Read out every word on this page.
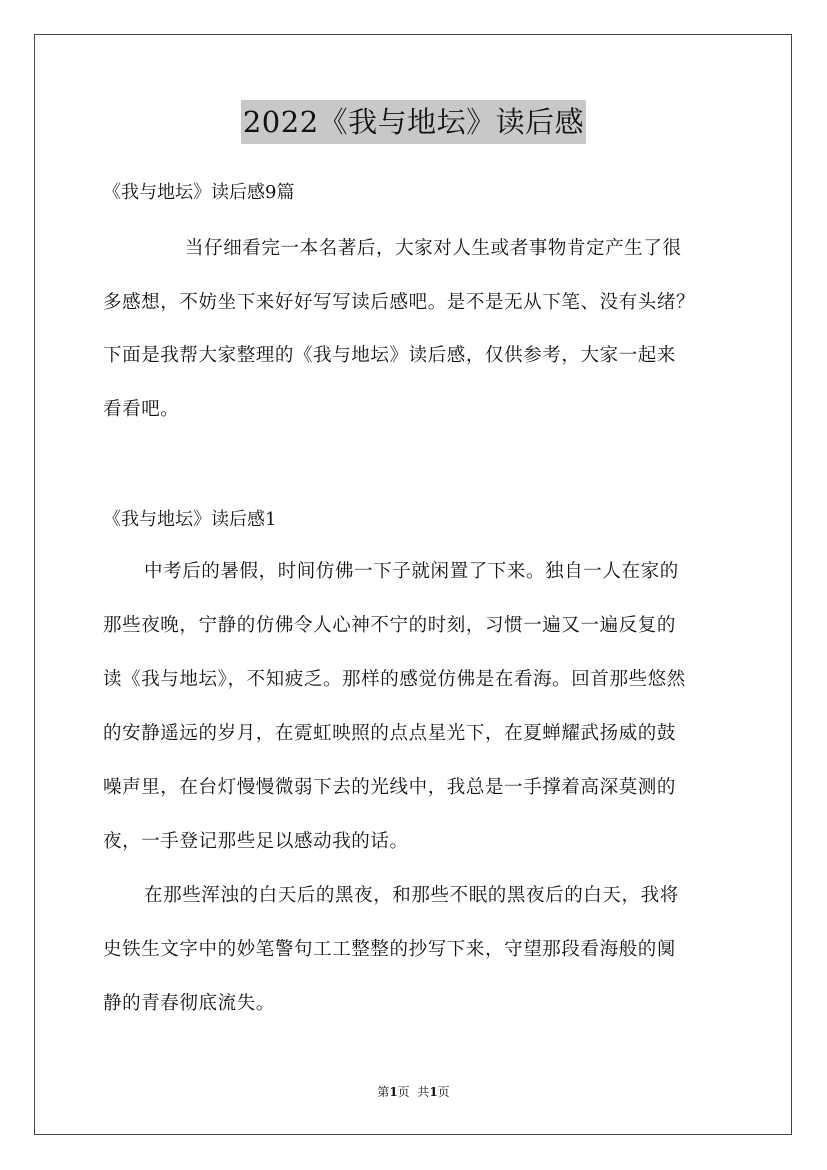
2022《我与地坛》读后感
《我与地坛》读后感9篇
当仔细看完一本名著后，大家对人生或者事物肯定产生了很
多感想，不妨坐下来好好写写读后感吧。是不是无从下笔、没有头绪？
下面是我帮大家整理的《我与地坛》读后感，仅供参考，大家一起来
看看吧。
《我与地坛》读后感1
中考后的暑假，时间仿佛一下子就闲置了下来。独自一人在家的
那些夜晚，宁静的仿佛令人心神不宁的时刻，习惯一遍又一遍反复的
读《我与地坛》，不知疲乏。那样的感觉仿佛是在看海。回首那些悠然
的安静遥远的岁月，在霓虹映照的点点星光下，在夏蝉耀武扬威的鼓
噪声里，在台灯慢慢微弱下去的光线中，我总是一手撑着高深莫测的
夜，一手登记那些足以感动我的话。
在那些浑浊的白天后的黑夜，和那些不眠的黑夜后的白天，我将
史铁生文字中的妙笔警句工工整整的抄写下来，守望那段看海般的阒
静的青春彻底流失。
第1页  共1页
